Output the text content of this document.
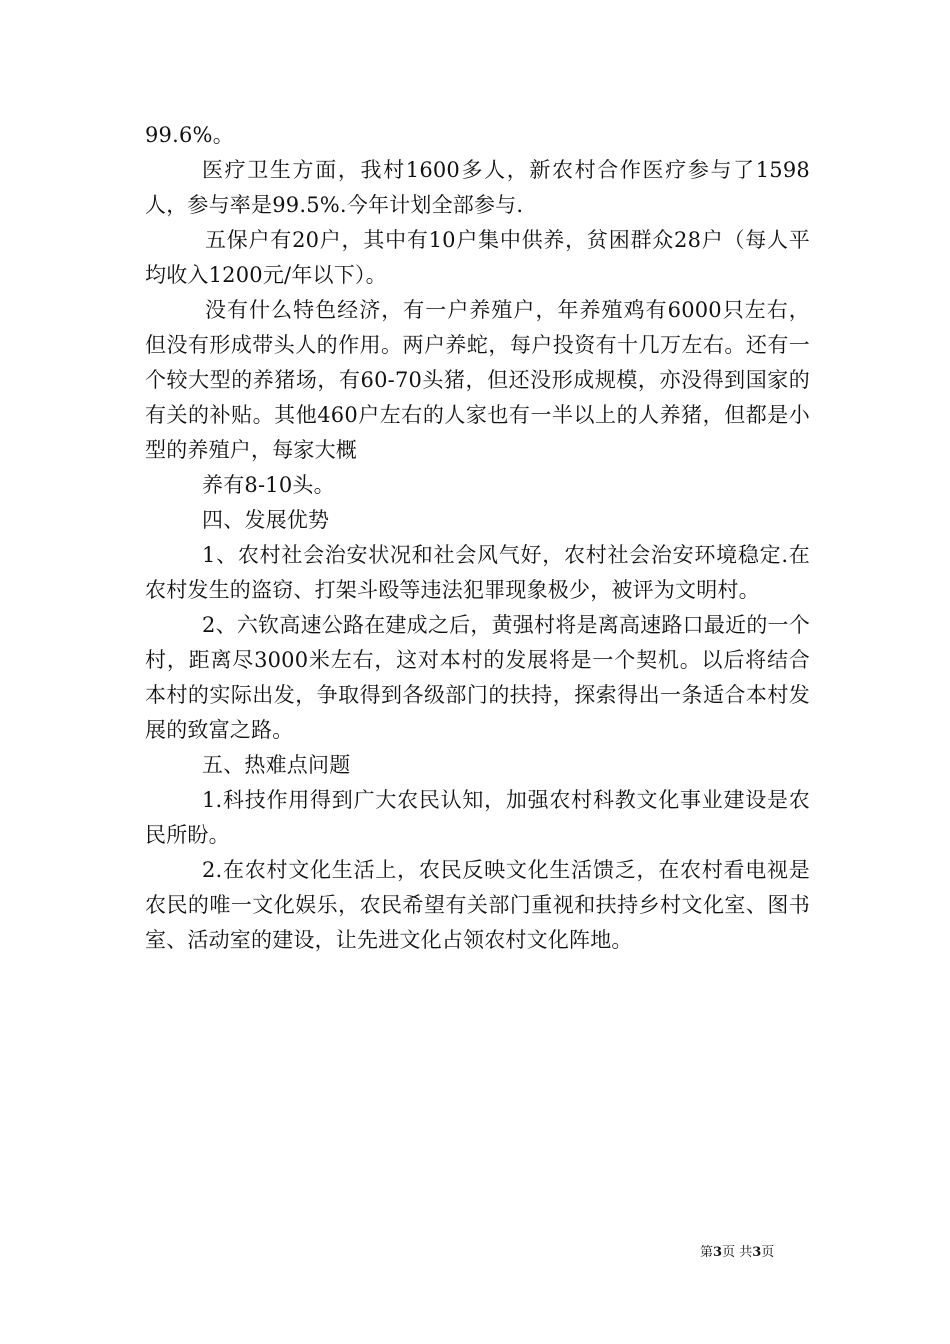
99.6%。

医疗卫生方面，我村1600多人，新农村合作医疗参与了1598人，参与率是99.5%.今年计划全部参与.

五保户有20户，其中有10户集中供养，贫困群众28户（每人平均收入1200元/年以下）。

没有什么特色经济，有一户养殖户，年养殖鸡有6000只左右，但没有形成带头人的作用。两户养蛇，每户投资有十几万左右。还有一个较大型的养猪场，有60-70头猪，但还没形成规模，亦没得到国家的有关的补贴。其他460户左右的人家也有一半以上的人养猪，但都是小型的养殖户，每家大概

养有8-10头。

四、发展优势

1、农村社会治安状况和社会风气好，农村社会治安环境稳定.在农村发生的盗窃、打架斗殴等违法犯罪现象极少，被评为文明村。

2、六钦高速公路在建成之后，黄强村将是离高速路口最近的一个村，距离尽3000米左右，这对本村的发展将是一个契机。以后将结合本村的实际出发，争取得到各级部门的扶持，探索得出一条适合本村发展的致富之路。

五、热难点问题

1.科技作用得到广大农民认知，加强农村科教文化事业建设是农民所盼。

2.在农村文化生活上，农民反映文化生活馈乏，在农村看电视是农民的唯一文化娱乐，农民希望有关部门重视和扶持乡村文化室、图书室、活动室的建设，让先进文化占领农村文化阵地。

第3页 共3页
